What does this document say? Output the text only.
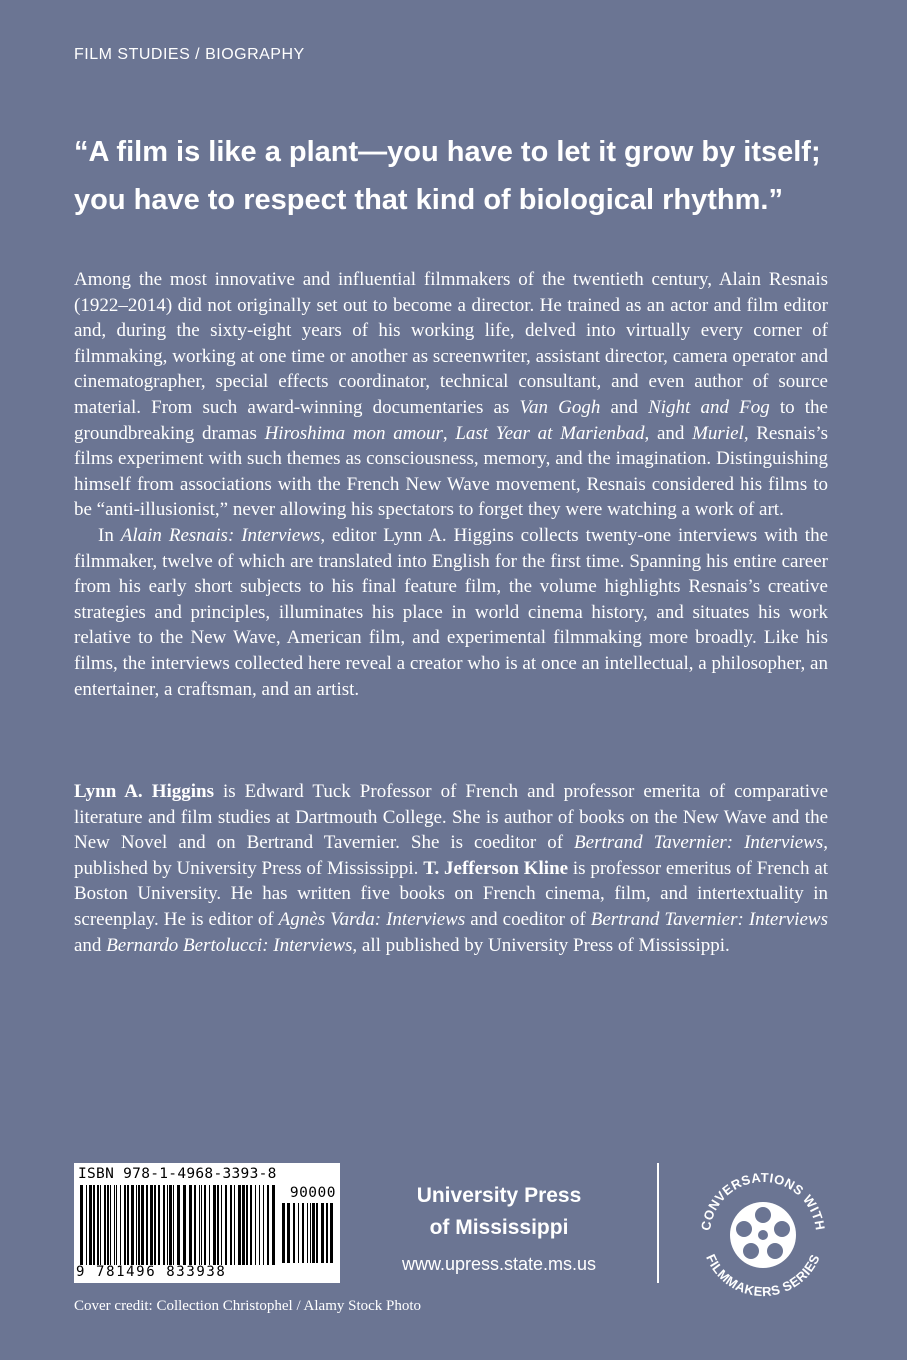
FILM STUDIES / BIOGRAPHY
“A film is like a plant—you have to let it grow by itself;
you have to respect that kind of biological rhythm.”

Among the most innovative and influential filmmakers of the twentieth century, Alain Resnais (1922–2014) did not originally set out to become a director. He trained as an actor and film editor and, during the sixty-eight years of his working life, delved into virtually every corner of filmmaking, working at one time or another as screenwriter, assistant director, camera operator and cinematographer, special effects coordinator, technical consultant, and even author of source material. From such award-winning documentaries as Van Gogh and Night and Fog to the groundbreaking dramas Hiroshima mon amour, Last Year at Marienbad, and Muriel, Resnais’s films experiment with such themes as consciousness, memory, and the imagination. Distinguishing himself from associations with the French New Wave movement, Resnais considered his films to be “anti-illusionist,” never allowing his spectators to forget they were watching a work of art.

In Alain Resnais: Interviews, editor Lynn A. Higgins collects twenty-one interviews with the filmmaker, twelve of which are translated into English for the first time. Spanning his entire career from his early short subjects to his final feature film, the volume highlights Resnais’s creative strategies and principles, illuminates his place in world cinema history, and situates his work relative to the New Wave, American film, and experimental filmmaking more broadly. Like his films, the interviews collected here reveal a creator who is at once an intellectual, a philosopher, an entertainer, a craftsman, and an artist.

Lynn A. Higgins is Edward Tuck Professor of French and professor emerita of comparative literature and film studies at Dartmouth College. She is author of books on the New Wave and the New Novel and on Bertrand Tavernier. She is coeditor of Bertrand Tavernier: Interviews, published by University Press of Mississippi. T. Jefferson Kline is professor emeritus of French at Boston University. He has written five books on French cinema, film, and intertextuality in screenplay. He is editor of Agnès Varda: Interviews and coeditor of Bertrand Tavernier: Interviews and Bernardo Bertolucci: Interviews, all published by University Press of Mississippi.

ISBN 978-1-4968-3393-8
90000
9 781496 833938
University Press
of Mississippi
www.upress.state.ms.us
CONVERSATIONS WITH
FILMMAKERS SERIES
Cover credit: Collection Christophel / Alamy Stock Photo
